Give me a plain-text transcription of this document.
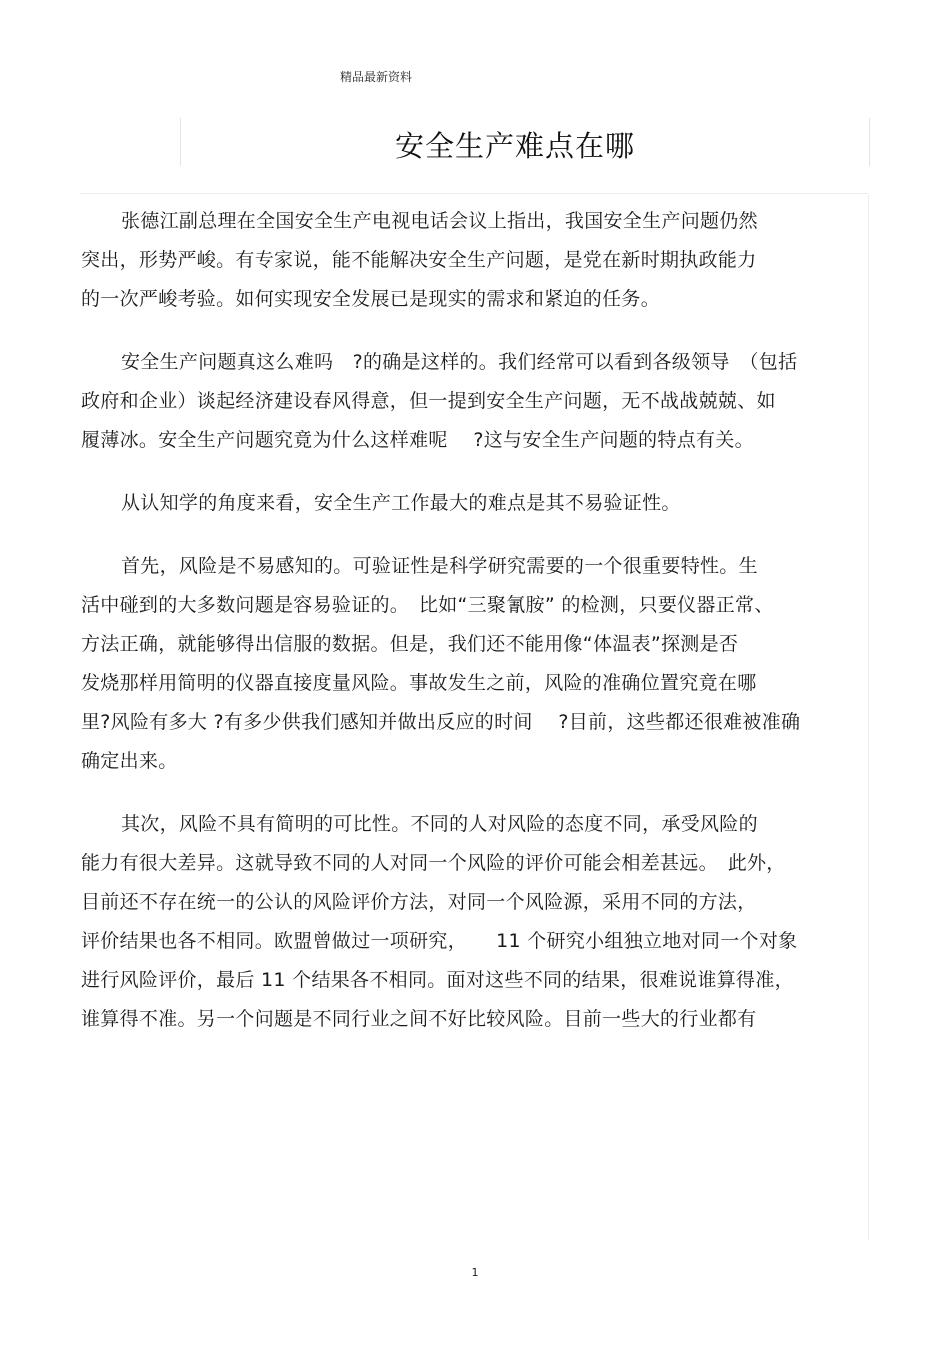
精品最新资料
安全生产难点在哪
张德江副总理在全国安全生产电视电话会议上指出，我国安全生产问题仍然
突出，形势严峻。有专家说，能不能解决安全生产问题，是党在新时期执政能力
的一次严峻考验。如何实现安全发展已是现实的需求和紧迫的任务。
安全生产问题真这么难吗　?的确是这样的。我们经常可以看到各级领导　（包括
政府和企业）谈起经济建设春风得意，但一提到安全生产问题，无不战战兢兢、如
履薄冰。安全生产问题究竟为什么这样难呢　 ?这与安全生产问题的特点有关。
从认知学的角度来看，安全生产工作最大的难点是其不易验证性。
首先，风险是不易感知的。可验证性是科学研究需要的一个很重要特性。生
活中碰到的大多数问题是容易验证的。　比如“三聚氰胺” 的检测，只要仪器正常、
方法正确，就能够得出信服的数据。但是，我们还不能用像“体温表”探测是否
发烧那样用简明的仪器直接度量风险。事故发生之前，风险的准确位置究竟在哪
里?风险有多大 ?有多少供我们感知并做出反应的时间　 ?目前，这些都还很难被准确
确定出来。
其次，风险不具有简明的可比性。不同的人对风险的态度不同，承受风险的
能力有很大差异。这就导致不同的人对同一个风险的评价可能会相差甚远。　此外，
目前还不存在统一的公认的风险评价方法，对同一个风险源，采用不同的方法，
评价结果也各不相同。欧盟曾做过一项研究，　　11 个研究小组独立地对同一个对象
进行风险评价，最后 11 个结果各不相同。面对这些不同的结果，很难说谁算得准，
谁算得不准。另一个问题是不同行业之间不好比较风险。目前一些大的行业都有
1
